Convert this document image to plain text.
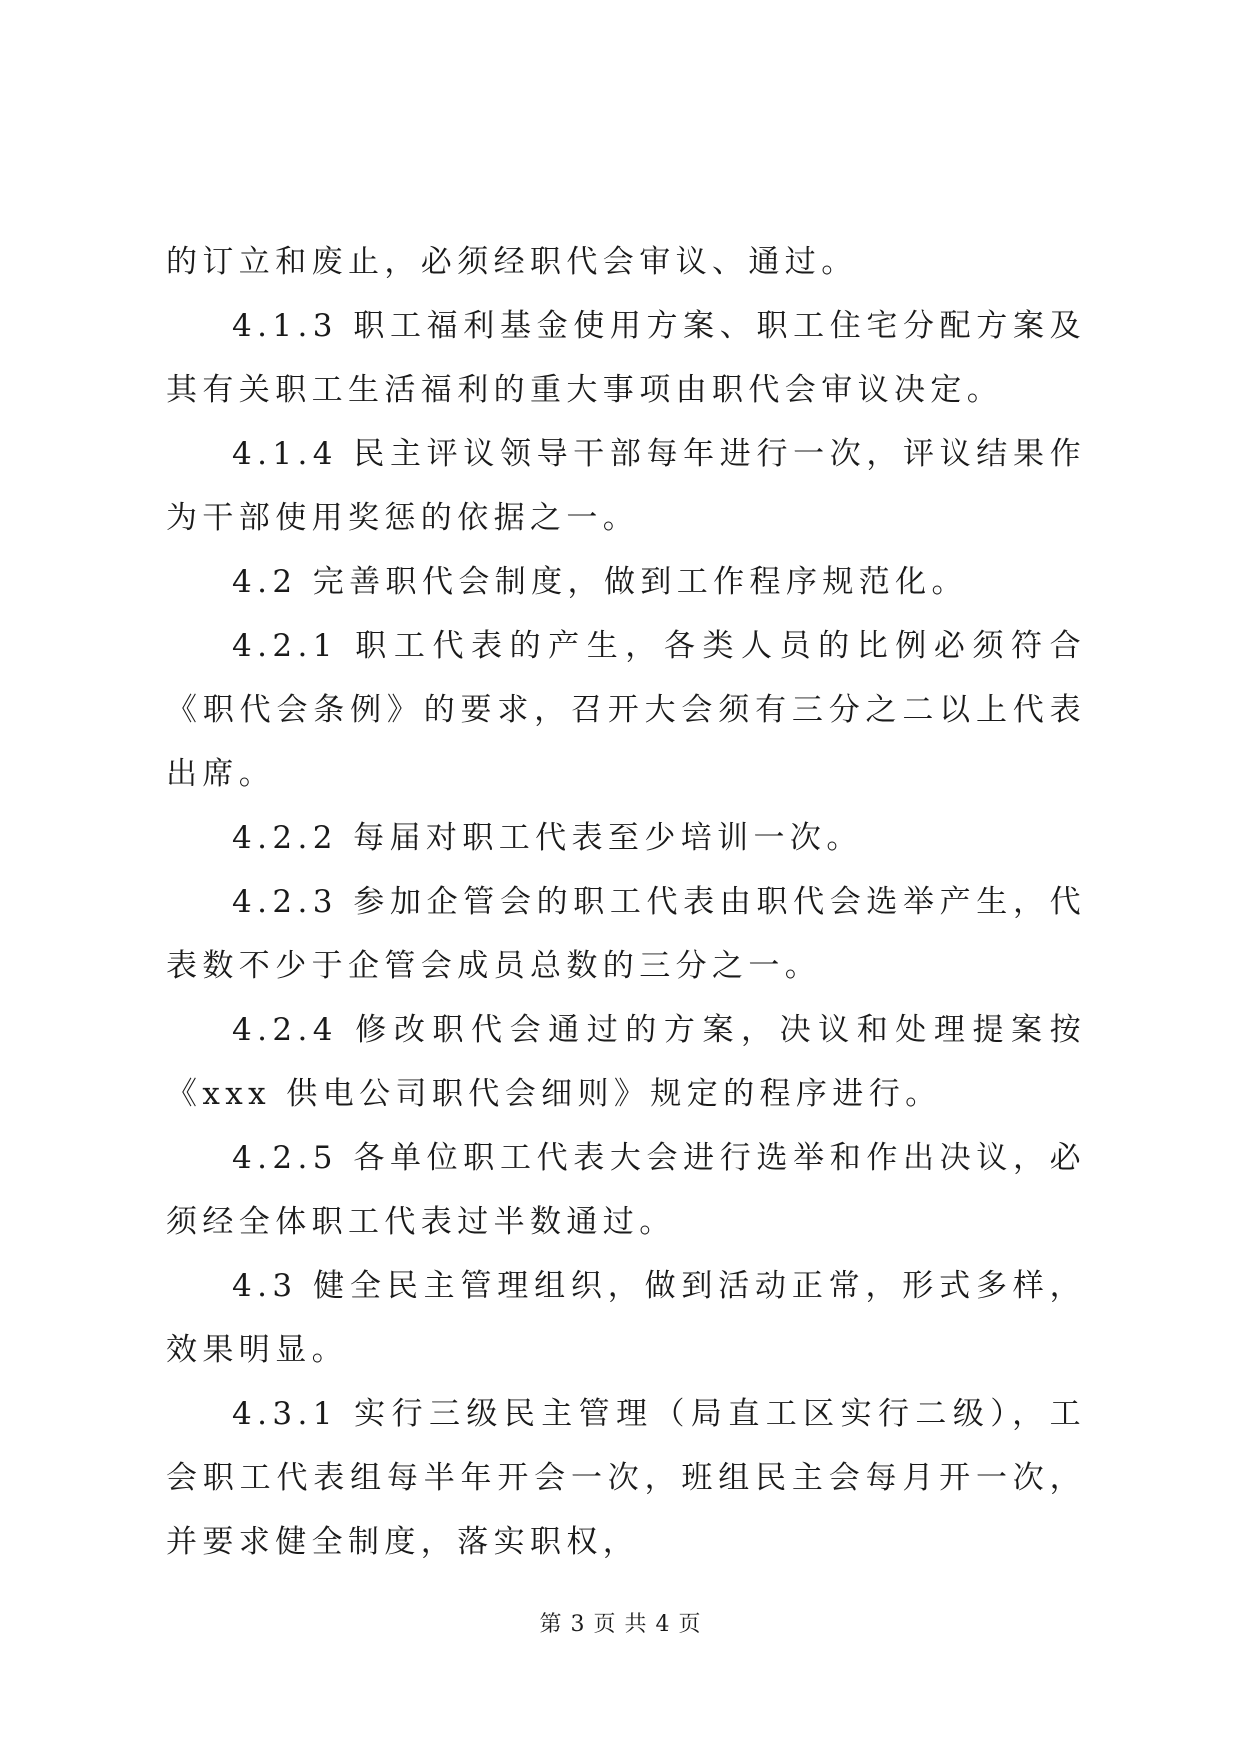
的订立和废止，必须经职代会审议、通过。

4.1.3 职工福利基金使用方案、职工住宅分配方案及其有关职工生活福利的重大事项由职代会审议决定。

4.1.4 民主评议领导干部每年进行一次，评议结果作为干部使用奖惩的依据之一。

4.2 完善职代会制度，做到工作程序规范化。

4.2.1 职工代表的产生，各类人员的比例必须符合《职代会条例》的要求，召开大会须有三分之二以上代表出席。

4.2.2 每届对职工代表至少培训一次。

4.2.3 参加企管会的职工代表由职代会选举产生，代表数不少于企管会成员总数的三分之一。

4.2.4 修改职代会通过的方案，决议和处理提案按《xxx 供电公司职代会细则》规定的程序进行。

4.2.5 各单位职工代表大会进行选举和作出决议，必须经全体职工代表过半数通过。

4.3 健全民主管理组织，做到活动正常，形式多样，效果明显。

4.3.1 实行三级民主管理（局直工区实行二级），工会职工代表组每半年开会一次，班组民主会每月开一次，并要求健全制度，落实职权，

第 3 页 共 4 页
